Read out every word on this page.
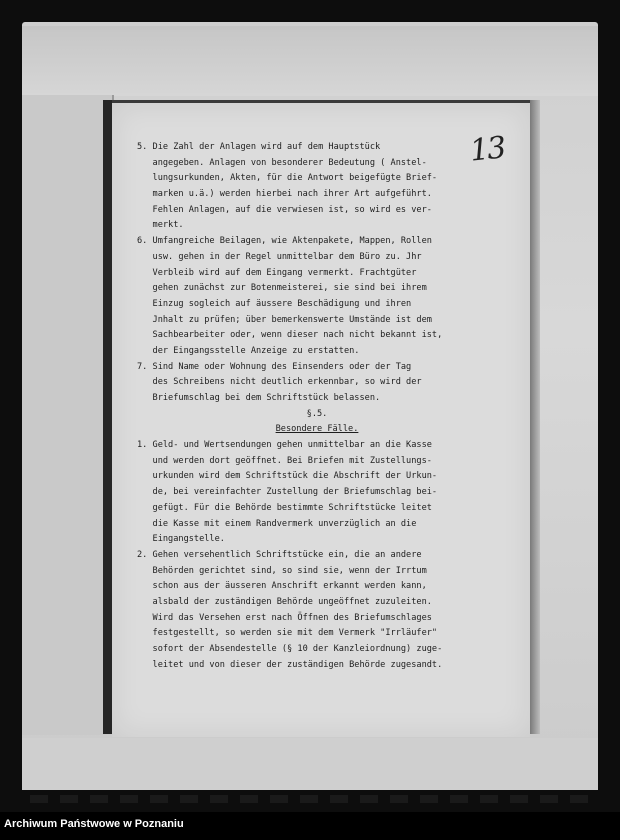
13
5. Die Zahl der Anlagen wird auf dem Hauptstück
angegeben. Anlagen von besonderer Bedeutung ( Anstel-
lungsurkunden, Akten, für die Antwort beigefügte Brief-
marken u.ä.) werden hierbei nach ihrer Art aufgeführt.
Fehlen Anlagen, auf die verwiesen ist, so wird es ver-
merkt.
6. Umfangreiche Beilagen, wie Aktenpakete, Mappen, Rollen
usw. gehen in der Regel unmittelbar dem Büro zu. Jhr
Verbleib wird auf dem Eingang vermerkt. Frachtgüter
gehen zunächst zur Botenmeisterei, sie sind bei ihrem
Einzug sogleich auf äussere Beschädigung und ihren
Jnhalt zu prüfen; über bemerkenswerte Umstände ist dem
Sachbearbeiter oder, wenn dieser nach nicht bekannt ist,
der Eingangsstelle Anzeige zu erstatten.
7. Sind Name oder Wohnung des Einsenders oder der Tag
des Schreibens nicht deutlich erkennbar, so wird der
Briefumschlag bei dem Schriftstück belassen.
§.5.
Besondere Fälle.
1. Geld- und Wertsendungen gehen unmittelbar an die Kasse
und werden dort geöffnet. Bei Briefen mit Zustellungs-
urkunden wird dem Schriftstück die Abschrift der Urkun-
de, bei vereinfachter Zustellung der Briefumschlag bei-
gefügt. Für die Behörde bestimmte Schriftstücke leitet
die Kasse mit einem Randvermerk unverzüglich an die
Eingangstelle.
2. Gehen versehentlich Schriftstücke ein, die an andere
Behörden gerichtet sind, so sind sie, wenn der Irrtum
schon aus der äusseren Anschrift erkannt werden kann,
alsbald der zuständigen Behörde ungeöffnet zuzuleiten.
Wird das Versehen erst nach Öffnen des Briefumschlages
festgestellt, so werden sie mit dem Vermerk "Irrläufer"
sofort der Absendestelle (§ 10 der Kanzleiordnung) zuge-
leitet und von dieser der zuständigen Behörde zugesandt.
Archiwum Państwowe w Poznaniu
